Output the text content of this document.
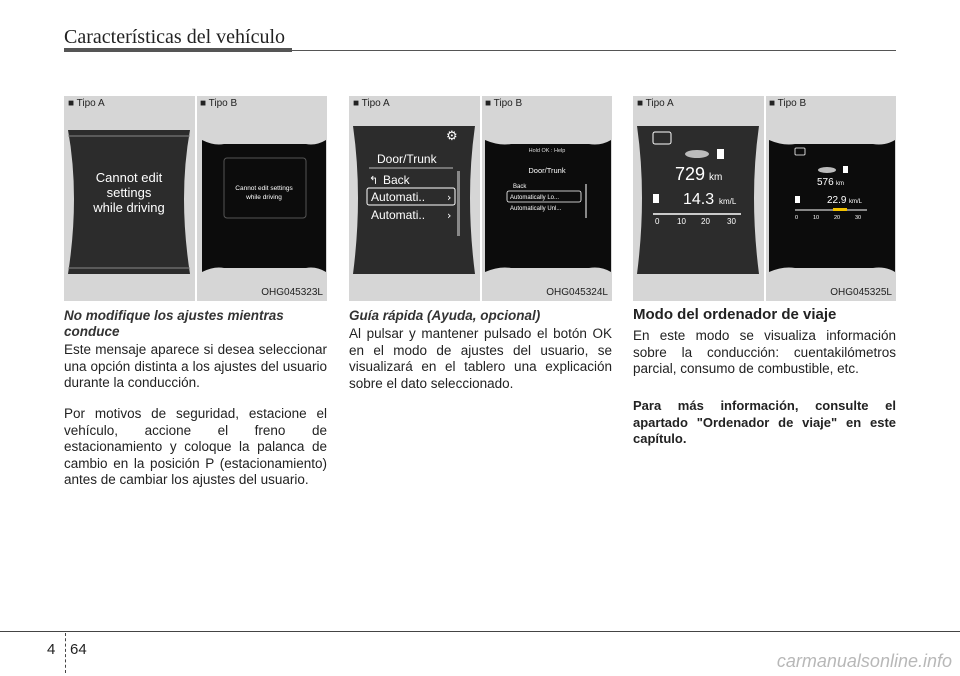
Características del vehículo
Cannot edit
settings
while driving
Cannot edit settings
while driving
■ Tipo A	■ Tipo B
OHG045323L
⚙
Door/Trunk
↰ Back
Automati.. ›
Automati.. ›
Hold OK : Help
Door/Trunk
Back
Automatically Lo...
Automatically Unl...
■ Tipo A	■ Tipo B
OHG045324L
729 km
14.3 km/L
0 10 20 30
576 km
22.9 km/L
0	10	20	30
■ Tipo A	■ Tipo B
OHG045325L
No modifique los ajustes mientras conduce
Este mensaje aparece si desea seleccionar una opción distinta a los ajustes del usuario durante la conducción.
Por motivos de seguridad, estacione el vehículo, accione el freno de estacionamiento y coloque la palanca de cambio en la posición P (estacionamiento) antes de cambiar los ajustes del usuario.
Guía rápida (Ayuda, opcional)
Al pulsar y mantener pulsado el botón OK en el modo de ajustes del usuario, se visualizará en el tablero una explicación sobre el dato seleccionado.
Modo del ordenador de viaje
En este modo se visualiza información sobre la conducción: cuentakilómetros parcial, consumo de combustible, etc.
Para más información, consulte el apartado "Ordenador de viaje" en este capítulo.
4 64
carmanualsonline.info
